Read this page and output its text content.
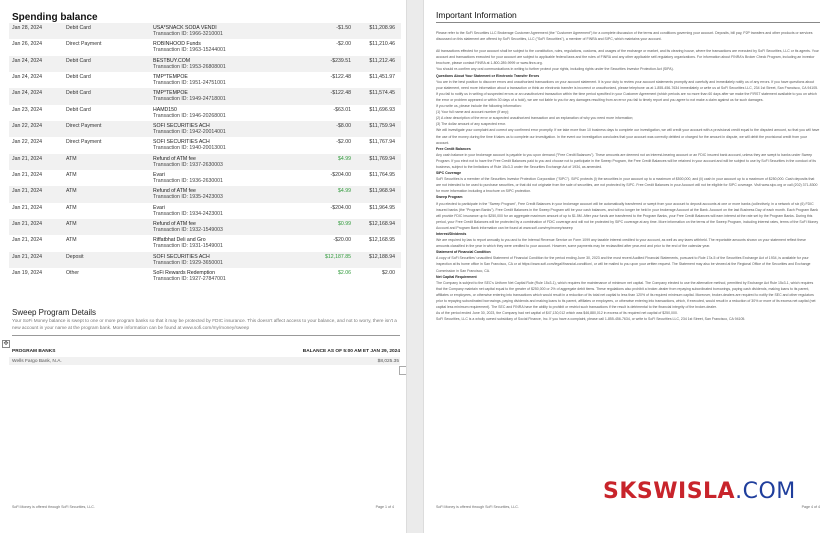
Spending balance
Jan 28, 2024	Debit Card	USA*SNACK SODA VENDI
Transaction ID: 1966-3210001
-$1.50	$11,208.96
Jan 26, 2024	Direct Payment	ROBINHOOD Funds
Transaction ID: 1963-15244001
-$2.00	$11,210.46
Jan 24, 2024	Debit Card	BESTBUY.COM
Transaction ID: 1953-26808001
-$239.51	$11,212.46
Jan 24, 2024	Debit Card	TMP*TEMPOE
Transaction ID: 1951-24751001
-$122.48	$11,451.97
Jan 24, 2024	Debit Card	TMP*TEMPOE
Transaction ID: 1949-24718001
-$122.48	$11,574.45
Jan 23, 2024	Debit Card	HAMD150
Transaction ID: 1946-20268001
-$63.01	$11,696.93
Jan 22, 2024	Direct Payment	SOFI SECURITIES ACH
Transaction ID: 1942-20014001
-$8.00	$11,759.94
Jan 22, 2024	Direct Payment	SOFI SECURITIES ACH
Transaction ID: 1940-20013001
-$2.00	$11,767.94
Jan 21, 2024	ATM	Refund of ATM fee
Transaction ID: 1937-2630003
$4.99	$11,769.94
Jan 21, 2024	ATM	Evari
Transaction ID: 1936-2630001
-$204.00	$11,764.95
Jan 21, 2024	ATM	Refund of ATM fee
Transaction ID: 1935-2423003
$4.99	$11,968.94
Jan 21, 2024	ATM	Evari
Transaction ID: 1934-2423001
-$204.00	$11,964.95
Jan 21, 2024	ATM	Refund of ATM fee
Transaction ID: 1932-1549003
$0.99	$12,168.94
Jan 21, 2024	ATM	Riffatbhat Deli and Gro
Transaction ID: 1931-1549001
-$20.00	$12,168.95
Jan 21, 2024	Deposit	SOFI SECURITIES ACH
Transaction ID: 1929-3650001
$12,187.85	$12,188.94
Jan 19, 2024	Other	SoFi Rewards Redemption
Transaction ID: 1927-27847001
$2.06	$2.00
Sweep Program Details
Your SoFi Money balance is swept to one or more program banks so that it may be protected by FDIC insurance. This doesn't affect access to your balance, and not to worry, there isn't a new account in your name at the program bank. More information can be found at www.sofi.com/my/money/sweep
✥
PROGRAM BANKS	BALANCE AS OF 5:00 AM ET JAN 29, 2024
Wells Fargo Bank, N.A.	$8,025.35
SoFi Money is offered through SoFi Securities, LLC.	Page 1 of 4
Important Information

Please refer to the SoFi Securities LLC Brokerage Customer Agreement (the "Customer Agreement") for a complete discussion of the terms and conditions governing your account. Deposits, bill pay, P2P transfers and other products or services discussed on this statement are offered by SoFi Securities, LLC ("SoFi Securities"), a member of FINRA and SIPC, which maintains your account.

All transactions effected for your account shall be subject to the constitution, rules, regulations, customs, and usages of the exchange or market, and its clearing house, where the transactions are executed by SoFi Securities, LLC or its agents. Your account and transactions executed for your account are subject to applicable federal laws and the rules of FINRA and any other applicable self-regulatory organizations. For information about FINRA's Broker Check Program, including an investor brochure, please contact FINRA at 1-800-289-9999 or www.finra.org.

You should re-confirm any oral communications in writing to further protect your rights, including rights under the Securities Investor Protection Act (SIPA).

Questions About Your Statement or Electronic Transfer Errors

You are in the best position to discover errors and unauthorized transactions on your account statement. It is your duty to review your account statements promptly and carefully and immediately notify us of any errors. If you have questions about your statement, need more information about a transaction or think an electronic transfer is incorrect or unauthorized, please telephone us at 1-855-456-7634 immediately or write us at SoFi Securities LLC, 234 1st Street, San Francisco, CA 94105.

If you fail to notify us in writing of suspected errors or an unauthorized transaction within the time period specified in your Customer Agreement (which periods are no more than 60 days after we make the FIRST statement available to you on which the error or problem appeared or within 30 days of a hold), we are not liable to you for any damages resulting from an error you fail to timely report and you agree to not make a claim against us for such damages.

If you write us, please include the following information:

(1) Your full name and account number (if any);

(2) A clear description of the error or suspected unauthorized transaction and an explanation of why you need more information;

(3) The dollar amount of any suspected error.

We will investigate your complaint and correct any confirmed error promptly. If we take more than 10 business days to complete our investigation, we will credit your account with a provisional credit equal to the disputed amount, so that you will have the use of the money during the time it takes us to complete our investigation. In the event our investigation concludes that your account was correctly debited or charged for the amount in dispute, we will debit the provisional credit from your account.

Free Credit Balances

Any cash balance in your brokerage account is payable to you upon demand ("Free Credit Balances"). These amounts are deemed not an interest-bearing account or an FDIC insured bank account, unless they are swept to banks under Sweep Program. If you elect not to have the Free Credit Balances paid to you and choose not to participate in the Sweep Program, the Free Credit Balances will be retained in your account and will be subject to use by SoFi Securities in the conduct of its business, subject to the limitations of Rule 15c3-3 under the Securities Exchange Act of 1934, as amended.

SIPC Coverage

SoFi Securities is a member of the Securities Investor Protection Corporation ("SIPC"). SIPC protects (i) the securities in your account up to a maximum of $500,000, and (ii) cash in your account up to a maximum of $250,000. Cash deposits that are not intended to be used to purchase securities, or that did not originate from the sale of securities, are not protected by SIPC. Free Credit Balances in your Account will not be eligible for SIPC coverage. Visit www.sipc.org or call (202) 371-8300 for more information including a brochure on SIPC protection.

Sweep Program

If you elected to participate in the "Sweep Program", Free Credit Balances in your brokerage account will be automatically transferred or swept from your account to deposit accounts at one or more banks (collectively, in a network of six (6) FDIC insured banks (the "Program Banks"). Free Credit Balances in the Sweep Program will be your cash balances, and will no longer be held in your brokerage Account at the Bank. Account on the last Business Day of each month. Each Program Bank will provide FDIC insurance up to $250,000 for an aggregate maximum amount of up to $1.5M. After your funds are transferred to the Program Banks, your Free Credit Balances will earn interest at the rate set by the Program Banks. During this period, your Free Credit Balances will be protected by a combination of FDIC coverage and will not be protected by SIPC coverage at any time. More information on the terms of the Sweep Program, including interest rates, terms of the SoFi Money Account and Program Bank information can be found at www.sofi.com/my/money/sweep

Interest/Dividends

We are required by law to report annually to you and to the Internal Revenue Service on Form 1099 any taxable interest credited to your account, as well as any taxes withheld. The reportable amounts shown on your statement reflect these amounts classified in the year in which they were credited to your account. However, some payments may be reclassified after year-end and prior to the end of the calendar year.

Statement of Financial Condition

A copy of SoFi Securities' unaudited Statement of Financial Condition for the period ending June 30, 2023 and the most recent Audited Financial Statements, pursuant to Rule 17a-5 of the Securities Exchange Act of 1934, is available for your inspection at its home office in San Francisco, CA or at https://www.sofi.com/legal/financial-condition/, or will be mailed to you upon your written request. The Statement may also be viewed at the Regional Office of the Securities and Exchange Commission in San Francisco, CA.

Net Capital Requirement

The Company is subject to the SEC's Uniform Net Capital Rule (Rule 15c3-1), which requires the maintenance of minimum net capital. The Company elected to use the alternative method, permitted by Exchange Act Rule 15c3-1, which requires that the Company maintain net capital equal to the greater of $250,000 or 2% of aggregate debit items. These regulations also prohibit a broker-dealer from repaying subordinated borrowings, paying cash dividends, making loans to its parent, affiliates or employees, or otherwise entering into transactions which would result in a reduction of its total net capital to less than 120% of its required minimum capital. Moreover, broker-dealers are required to notify the SEC and other regulators prior to repaying subordinated borrowings, paying dividends and making loans to its parent, affiliates or employees, or otherwise entering into transactions, which, if executed, would result in a reduction of 30% or more of its excess net capital (net capital less minimum requirement). The SEC and FINRA have the ability to prohibit or restrict such transactions if the result is detrimental to the financial integrity of the broker-dealer.

As of the period ended June 30, 2023, the Company had net capital of $47,130,012 which was $46,880,012 in excess of its required net capital of $250,000.

SoFi Securities, LLC is a wholly owned subsidiary of Social Finance, Inc. If you have a complaint, please call 1-855-456-7634, or write to SoFi Securities LLC, 234 1st Street, San Francisco, CA 94105.

SoFi Money is offered through SoFi Securities, LLC.	Page 4 of 4
SKSWISLA.COM
